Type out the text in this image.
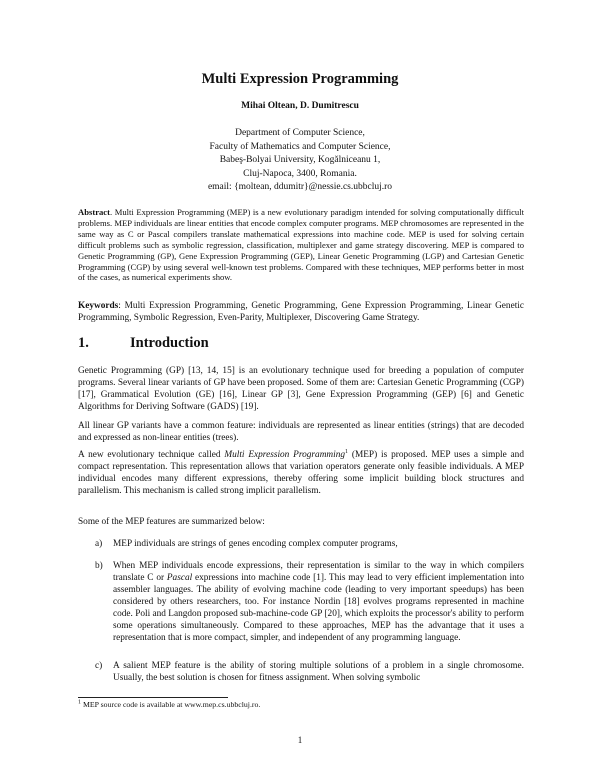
Multi Expression Programming
Mihai Oltean, D. Dumitrescu
Department of Computer Science,
Faculty of Mathematics and Computer Science,
Babeş-Bolyai University, Kogălniceanu 1,
Cluj-Napoca, 3400, Romania.
email: {moltean, ddumitr}@nessie.cs.ubbcluj.ro
Abstract. Multi Expression Programming (MEP) is a new evolutionary paradigm intended for solving computationally difficult problems. MEP individuals are linear entities that encode complex computer programs. MEP chromosomes are represented in the same way as C or Pascal compilers translate mathematical expressions into machine code. MEP is used for solving certain difficult problems such as symbolic regression, classification, multiplexer and game strategy discovering. MEP is compared to Genetic Programming (GP), Gene Expression Programming (GEP), Linear Genetic Programming (LGP) and Cartesian Genetic Programming (CGP) by using several well-known test problems. Compared with these techniques, MEP performs better in most of the cases, as numerical experiments show.
Keywords: Multi Expression Programming, Genetic Programming, Gene Expression Programming, Linear Genetic Programming, Symbolic Regression, Even-Parity, Multiplexer, Discovering Game Strategy.
1.	Introduction
Genetic Programming (GP) [13, 14, 15] is an evolutionary technique used for breeding a population of computer programs. Several linear variants of GP have been proposed. Some of them are: Cartesian Genetic Programming (CGP) [17], Grammatical Evolution (GE) [16], Linear GP [3], Gene Expression Programming (GEP) [6] and Genetic Algorithms for Deriving Software (GADS) [19].
All linear GP variants have a common feature: individuals are represented as linear entities (strings) that are decoded and expressed as non-linear entities (trees).
A new evolutionary technique called Multi Expression Programming$^1$ (MEP) is proposed. MEP uses a simple and compact representation. This representation allows that variation operators generate only feasible individuals. A MEP individual encodes many different expressions, thereby offering some implicit building block structures and parallelism. This mechanism is called strong implicit parallelism.
Some of the MEP features are summarized below:
a) MEP individuals are strings of genes encoding complex computer programs,
b) When MEP individuals encode expressions, their representation is similar to the way in which compilers translate C or Pascal expressions into machine code [1]. This may lead to very efficient implementation into assembler languages. The ability of evolving machine code (leading to very important speedups) has been considered by others researchers, too. For instance Nordin [18] evolves programs represented in machine code. Poli and Langdon proposed sub-machine-code GP [20], which exploits the processor's ability to perform some operations simultaneously. Compared to these approaches, MEP has the advantage that it uses a representation that is more compact, simpler, and independent of any programming language.
c) A salient MEP feature is the ability of storing multiple solutions of a problem in a single chromosome. Usually, the best solution is chosen for fitness assignment. When solving symbolic
$^1$ MEP source code is available at www.mep.cs.ubbcluj.ro.
1
